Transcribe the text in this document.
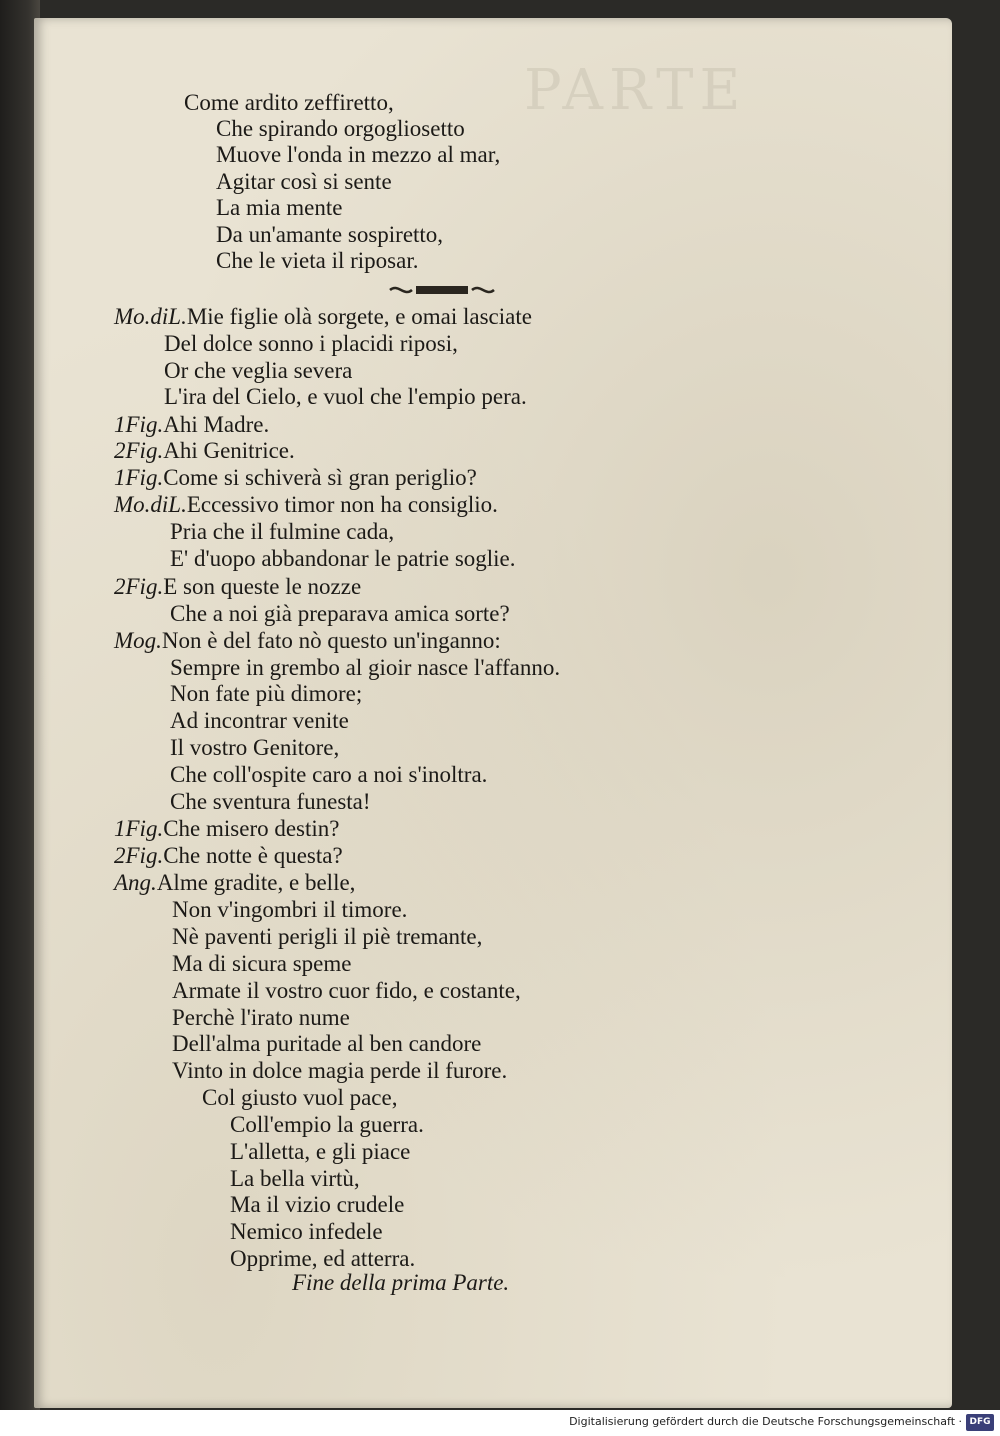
PARTE
Come ardito zeffiretto,
Che spirando orgogliosetto
Muove l'onda in mezzo al mar,
Agitar così si sente
La mia mente
Da un'amante sospiretto,
Che le vieta il riposar.
Mo.diL.Mie figlie olà sorgete, e omai lasciate
Del dolce sonno i placidi riposi,
Or che veglia severa
L'ira del Cielo, e vuol che l'empio pera.
1Fig.Ahi Madre.
2Fig.Ahi Genitrice.
1Fig.Come si schiverà sì gran periglio?
Mo.diL.Eccessivo timor non ha consiglio.
Pria che il fulmine cada,
E' d'uopo abbandonar le patrie soglie.
2Fig.E son queste le nozze
Che a noi già preparava amica sorte?
Mog.Non è del fato nò questo un'inganno:
Sempre in grembo al gioir nasce l'affanno.
Non fate più dimore;
Ad incontrar venite
Il vostro Genitore,
Che coll'ospite caro a noi s'inoltra.
Che sventura funesta!
1Fig.Che misero destin?
2Fig.Che notte è questa?
Ang.Alme gradite, e belle,
Non v'ingombri il timore.
Nè paventi perigli il piè tremante,
Ma di sicura speme
Armate il vostro cuor fido, e costante,
Perchè l'irato nume
Dell'alma puritade al ben candore
Vinto in dolce magia perde il furore.
Col giusto vuol pace,
Coll'empio la guerra.
L'alletta, e gli piace
La bella virtù,
Ma il vizio crudele
Nemico infedele
Opprime, ed atterra.
Fine della prima Parte.
Digitalisierung gefördert durch die Deutsche Forschungsgemeinschaft · DFG
